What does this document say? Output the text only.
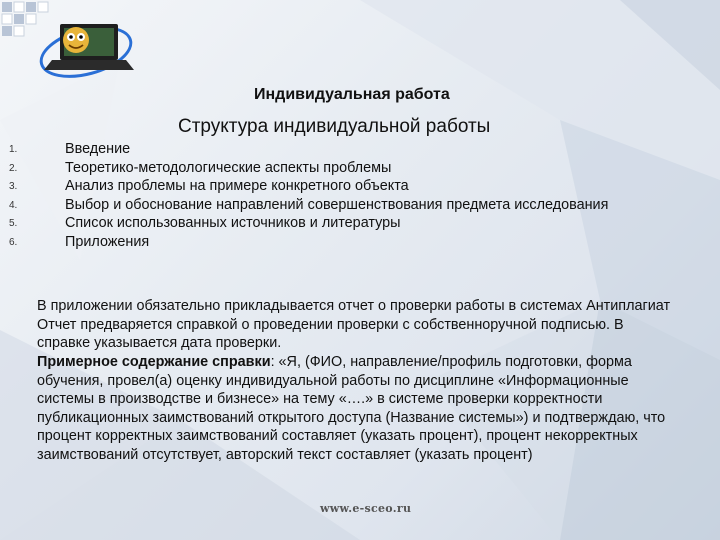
Индивидуальная работа
Структура индивидуальной работы
1.	Введение
2.	Теоретико-методологические аспекты проблемы
3.	Анализ проблемы на примере конкретного объекта
4.	Выбор и обоснование направлений совершенствования предмета исследования
5.	Список использованных источников и литературы
6.	Приложения

В приложении обязательно прикладывается отчет о проверки работы в системах Антиплагиат Отчет предваряется справкой о проведении проверки с собственноручной подписью. В справке указывается дата проверки.

Примерное содержание справки: «Я, (ФИО, направление/профиль подготовки, форма обучения, провел(а) оценку индивидуальной работы по дисциплине «Информационные системы в производстве и бизнесе» на тему «….» в системе проверки корректности публикационных заимствований открытого доступа (Название системы») и подтверждаю, что процент корректных заимствований составляет (указать процент), процент некорректных заимствований отсутствует, авторский текст составляет (указать процент)

www.e-sceo.ru
